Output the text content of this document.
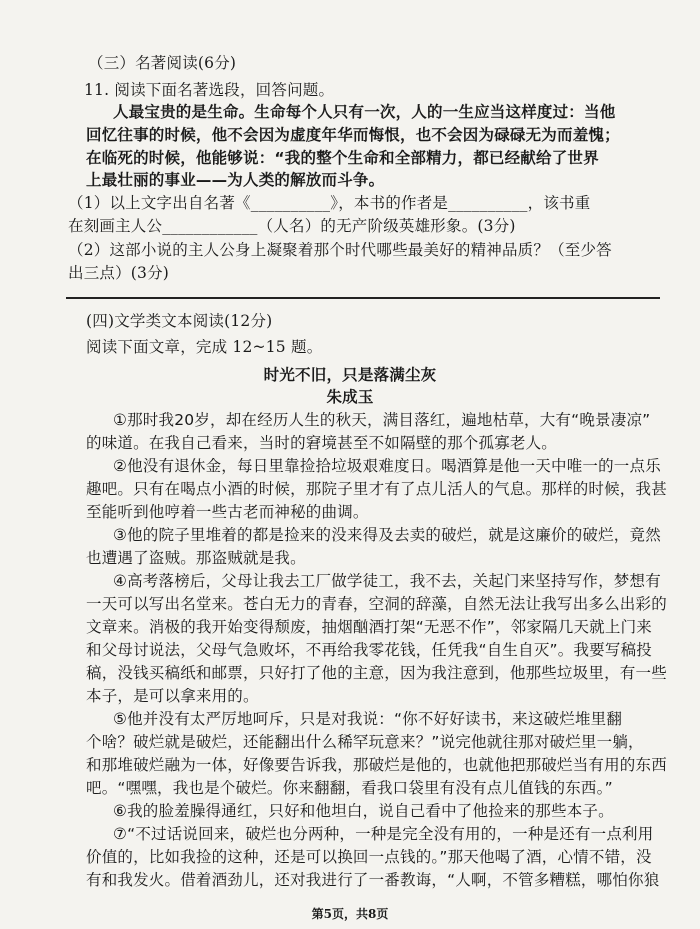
（三）名著阅读(6分)
11. 阅读下面名著选段，回答问题。
人最宝贵的是生命。生命每个人只有一次，人的一生应当这样度过：当他
回忆往事的时候，他不会因为虚度年华而悔恨，也不会因为碌碌无为而羞愧；
在临死的时候，他能够说：“我的整个生命和全部精力，都已经献给了世界
上最壮丽的事业——为人类的解放而斗争。
（1）以上文字出自名著《__________》，本书的作者是__________，该书重
在刻画主人公____________（人名）的无产阶级英雄形象。(3分)
（2）这部小说的主人公身上凝聚着那个时代哪些最美好的精神品质？（至少答
出三点）(3分)
(四)文学类文本阅读(12分)
阅读下面文章，完成 12~15 题。
时光不旧，只是落满尘灰
朱成玉
①那时我20岁，却在经历人生的秋天，满目落红，遍地枯草，大有“晚景凄凉”
的味道。在我自己看来，当时的窘境甚至不如隔壁的那个孤寡老人。
②他没有退休金，每日里靠捡拾垃圾艰难度日。喝酒算是他一天中唯一的一点乐
趣吧。只有在喝点小酒的时候，那院子里才有了点儿活人的气息。那样的时候，我甚
至能听到他哼着一些古老而神秘的曲调。
③他的院子里堆着的都是捡来的没来得及去卖的破烂，就是这廉价的破烂，竟然
也遭遇了盗贼。那盗贼就是我。
④高考落榜后，父母让我去工厂做学徒工，我不去，关起门来坚持写作，梦想有
一天可以写出名堂来。苍白无力的青春，空洞的辞藻，自然无法让我写出多么出彩的
文章来。消极的我开始变得颓废，抽烟酗酒打架“无恶不作”，邻家隔几天就上门来
和父母讨说法，父母气急败坏，不再给我零花钱，任凭我“自生自灭”。我要写稿投
稿，没钱买稿纸和邮票，只好打了他的主意，因为我注意到，他那些垃圾里，有一些
本子，是可以拿来用的。
⑤他并没有太严厉地呵斥，只是对我说：“你不好好读书，来这破烂堆里翻
个啥？破烂就是破烂，还能翻出什么稀罕玩意来？”说完他就往那对破烂里一躺，
和那堆破烂融为一体，好像要告诉我，那破烂是他的，也就他把那破烂当有用的东西
吧。“嘿嘿，我也是个破烂。你来翻翻，看我口袋里有没有点儿值钱的东西。”
⑥我的脸羞臊得通红，只好和他坦白，说自己看中了他捡来的那些本子。
⑦“不过话说回来，破烂也分两种，一种是完全没有用的，一种是还有一点利用
价值的，比如我捡的这种，还是可以换回一点钱的。”那天他喝了酒，心情不错，没
有和我发火。借着酒劲儿，还对我进行了一番教诲，“人啊，不管多糟糕，哪怕你狼
第5页，共8页
